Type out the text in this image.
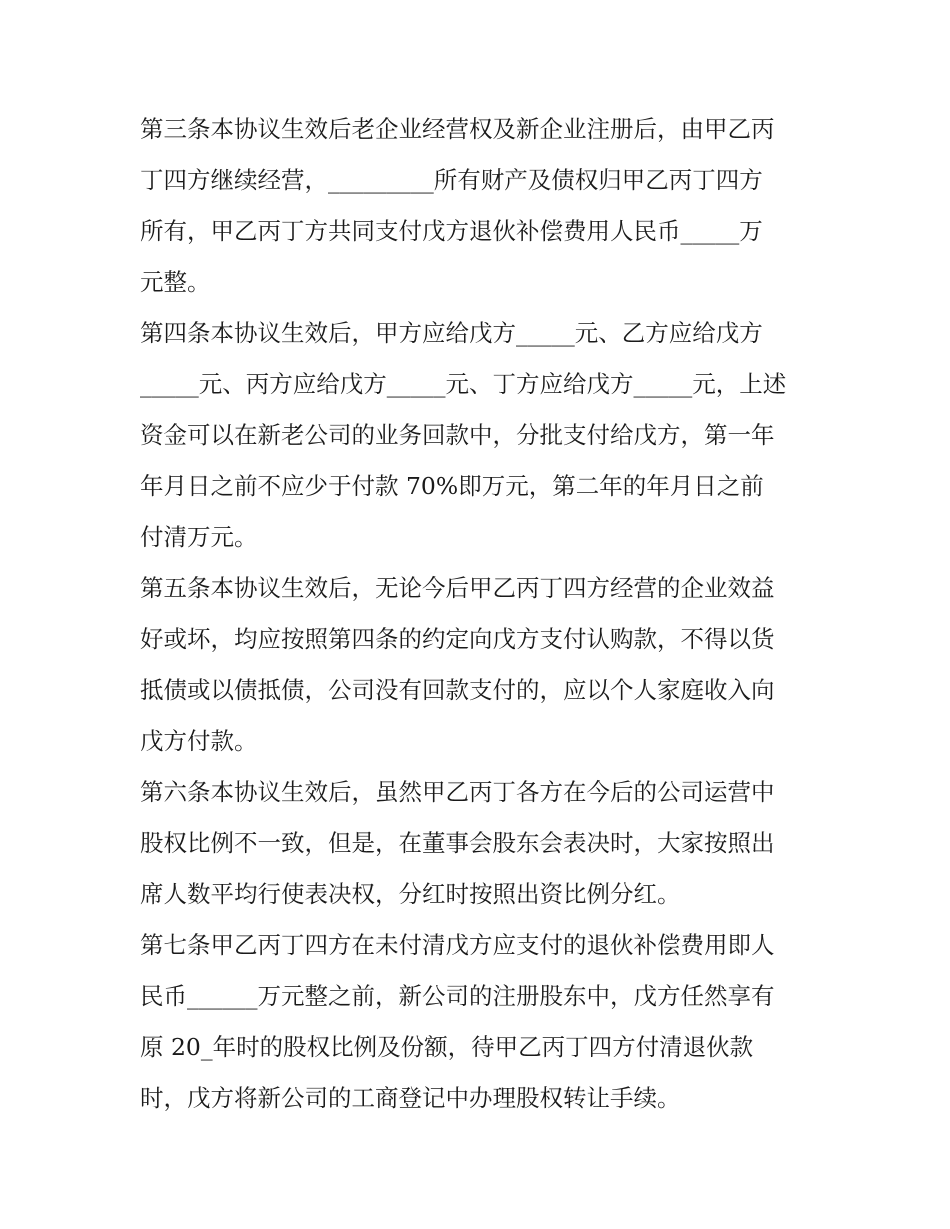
第三条本协议生效后老企业经营权及新企业注册后，由甲乙丙
丁四方继续经营，_________所有财产及债权归甲乙丙丁四方
所有，甲乙丙丁方共同支付戊方退伙补偿费用人民币_____万
元整。

第四条本协议生效后，甲方应给戊方_____元、乙方应给戊方
_____元、丙方应给戊方_____元、丁方应给戊方_____元，上述
资金可以在新老公司的业务回款中，分批支付给戊方，第一年
年月日之前不应少于付款 70%即万元，第二年的年月日之前
付清万元。

第五条本协议生效后，无论今后甲乙丙丁四方经营的企业效益
好或坏，均应按照第四条的约定向戊方支付认购款，不得以货
抵债或以债抵债，公司没有回款支付的，应以个人家庭收入向
戊方付款。

第六条本协议生效后，虽然甲乙丙丁各方在今后的公司运营中
股权比例不一致，但是，在董事会股东会表决时，大家按照出
席人数平均行使表决权，分红时按照出资比例分红。

第七条甲乙丙丁四方在未付清戊方应支付的退伙补偿费用即人
民币______万元整之前，新公司的注册股东中，戊方任然享有
原 20_年时的股权比例及份额，待甲乙丙丁四方付清退伙款
时，戊方将新公司的工商登记中办理股权转让手续。
